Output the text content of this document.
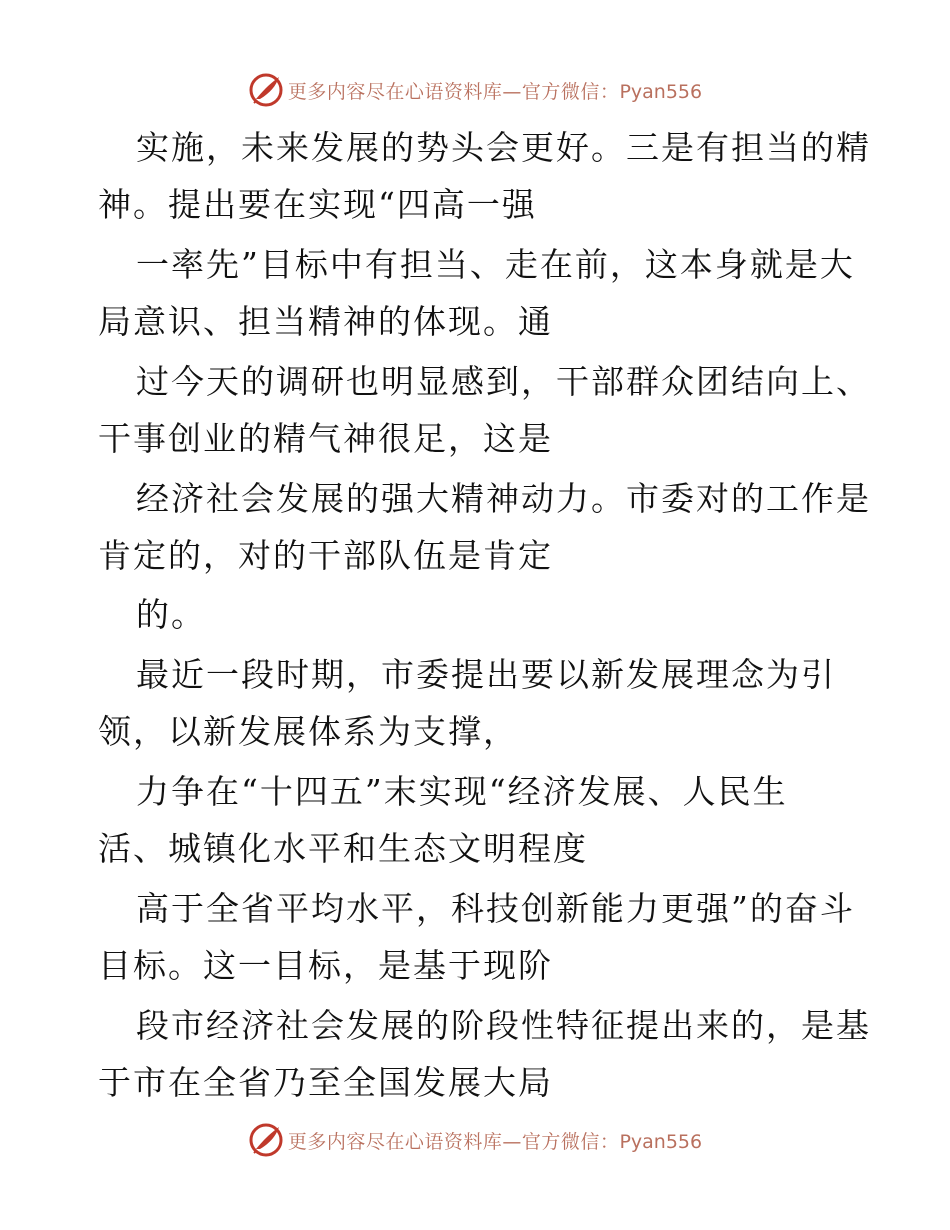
更多内容尽在心语资料库—官方微信：Pyan556
实施，未来发展的势头会更好。三是有担当的精
神。提出要在实现“四高一强
一率先”目标中有担当、走在前，这本身就是大
局意识、担当精神的体现。通
过今天的调研也明显感到，干部群众团结向上、
干事创业的精气神很足，这是
经济社会发展的强大精神动力。市委对的工作是
肯定的，对的干部队伍是肯定
的。
最近一段时期，市委提出要以新发展理念为引
领，以新发展体系为支撑，
力争在“十四五”末实现“经济发展、人民生
活、城镇化水平和生态文明程度
高于全省平均水平，科技创新能力更强”的奋斗
目标。这一目标，是基于现阶
段市经济社会发展的阶段性特征提出来的，是基
于市在全省乃至全国发展大局
更多内容尽在心语资料库—官方微信：Pyan556
